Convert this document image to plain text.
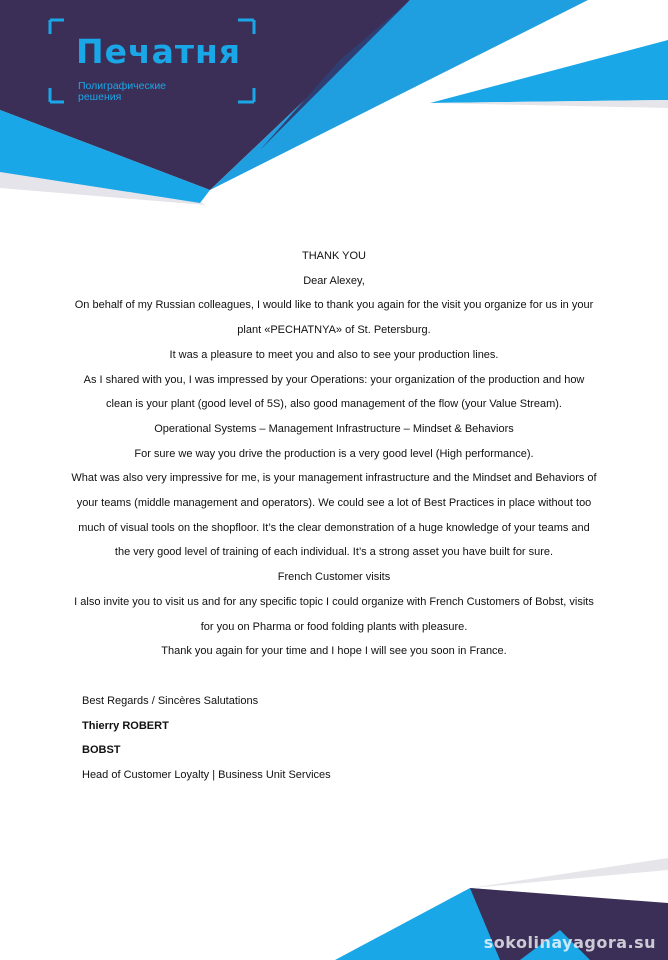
Печатня
Полиграфические
решения

THANK YOU

Dear Alexey,

On behalf of my Russian colleagues, I would like to thank you again for the visit you organize for us in your plant «PECHATNYA» of St. Petersburg.

It was a pleasure to meet you and also to see your production lines.

As I shared with you, I was impressed by your Operations: your organization of the production and how clean is your plant (good level of 5S), also good management of the flow (your Value Stream).

Operational Systems – Management Infrastructure – Mindset & Behaviors

For sure we way you drive the production is a very good level (High performance).

What was also very impressive for me, is your management infrastructure and the Mindset and Behaviors of your teams (middle management and operators). We could see a lot of Best Practices in place without too much of visual tools on the shopfloor. It’s the clear demonstration of a huge knowledge of your teams and the very good level of training of each individual. It’s a strong asset you have built for sure.

French Customer visits

I also invite you to visit us and for any specific topic I could organize with French Customers of Bobst, visits for you on Pharma or food folding plants with pleasure.

Thank you again for your time and I hope I will see you soon in France.

Best Regards / Sincères Salutations

Thierry ROBERT

BOBST

Head of Customer Loyalty | Business Unit Services

sokolinayagora.su
